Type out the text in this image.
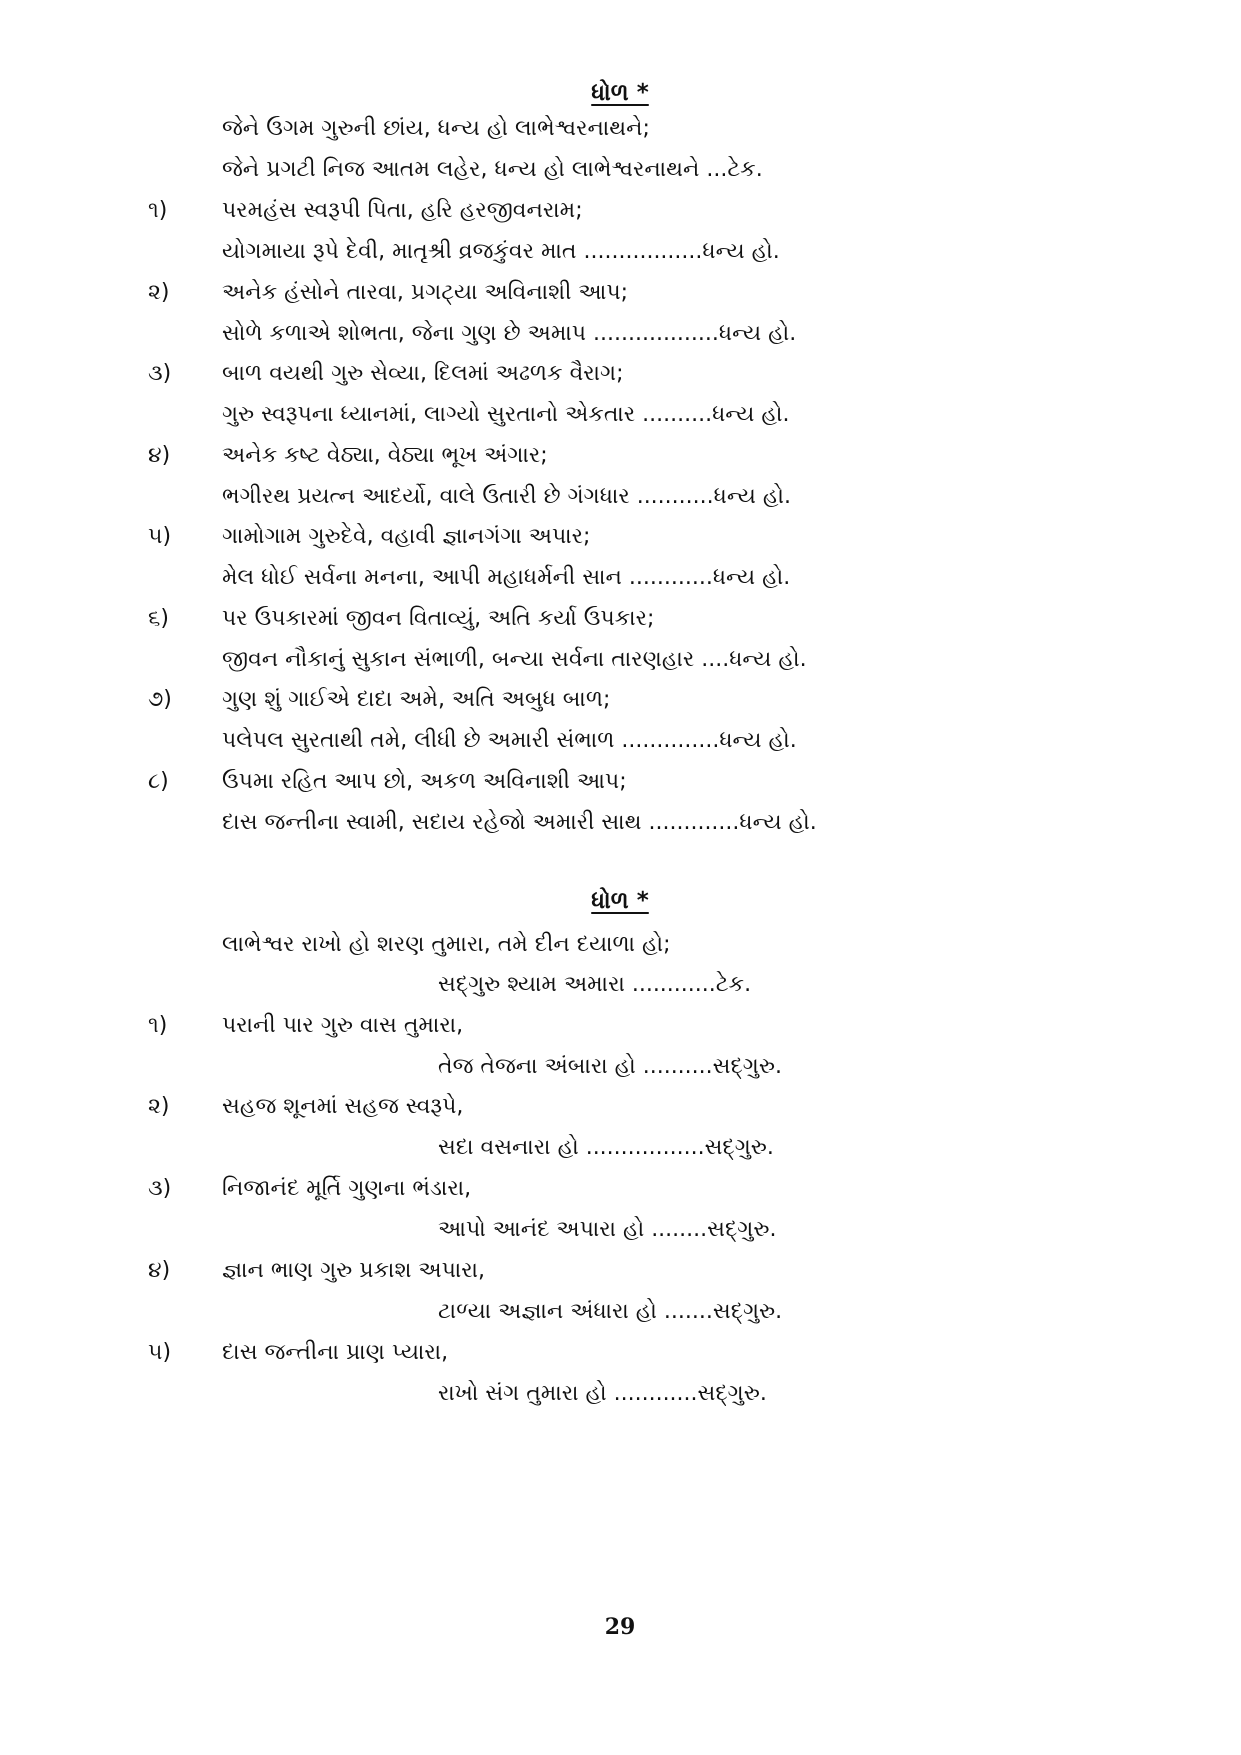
ધોળ *
જેને ઉગમ ગુરુની છાંય, ધન્ય હો લાભેશ્વરનાથને;
જેને પ્રગટી નિજ આતમ લહેર, ધન્ય હો લાભેશ્વરનાથને ...ટેક.
૧) પરમહંસ સ્વરૂપી પિતા, હરિ હરજીવનરામ;
યોગમાયા રૂપે દેવી, માતૃશ્રી વ્રજકુંવર માત .................ધન્ય હો.
૨) અનેક હંસોને તારવા, પ્રગટ્યા અવિનાશી આપ;
સોળે કળાએ શોભતા, જેના ગુણ છે અમાપ ..................ધન્ય હો.
૩) બાળ વયથી ગુરુ સેવ્યા, દિલમાં અઢળક વૈરાગ;
ગુરુ સ્વરૂપના ધ્યાનમાં, લાગ્યો સુરતાનો એકતાર ..........ધન્ય હો.
૪) અનેક કષ્ટ વેઠ્યા, વેઠ્યા ભૂખ અંગાર;
ભગીરથ પ્રયત્ન આદર્યો, વાલે ઉતારી છે ગંગધાર ...........ધન્ય હો.
૫) ગામોગામ ગુરુદેવે, વહાવી જ્ઞાનગંગા અપાર;
મેલ ધોઈ સર્વના મનના, આપી મહાધર્મની સાન ............ધન્ય હો.
૬) પર ઉપકારમાં જીવન વિતાવ્યું, અતિ કર્યા ઉપકાર;
જીવન નૌકાનું સુકાન સંભાળી, બન્યા સર્વના તારણહાર ....ધન્ય હો.
૭) ગુણ શું ગાઈએ દાદા અમે, અતિ અબુધ બાળ;
પલેપલ સુરતાથી તમે, લીધી છે અમારી સંભાળ ..............ધન્ય હો.
૮) ઉપમા રહિત આપ છો, અકળ અવિનાશી આપ;
દાસ જન્તીના સ્વામી, સદાય રહેજો અમારી સાથ .............ધન્ય હો.
ધોળ *
લાભેશ્વર રાખો હો શરણ તુમારા, તમે દીન દયાળા હો;
સદ્‌ગુરુ શ્યામ અમારા ............ટેક.
૧) પરાની પાર ગુરુ વાસ તુમારા,
તેજ તેજના અંબારા હો ..........સદ્‌ગુરુ.
૨) સહજ શૂનમાં સહજ સ્વરૂપે,
સદા વસનારા હો .................સદ્‌ગુરુ.
૩) નિજાનંદ મૂર્તિ ગુણના ભંડારા,
આપો આનંદ અપારા હો ........સદ્‌ગુરુ.
૪) જ્ઞાન ભાણ ગુરુ પ્રકાશ અપારા,
ટાળ્યા અજ્ઞાન અંધારા હો .......સદ્‌ગુરુ.
૫) દાસ જન્તીના પ્રાણ પ્યારા,
રાખો સંગ તુમારા હો ............સદ્‌ગુરુ.
29
